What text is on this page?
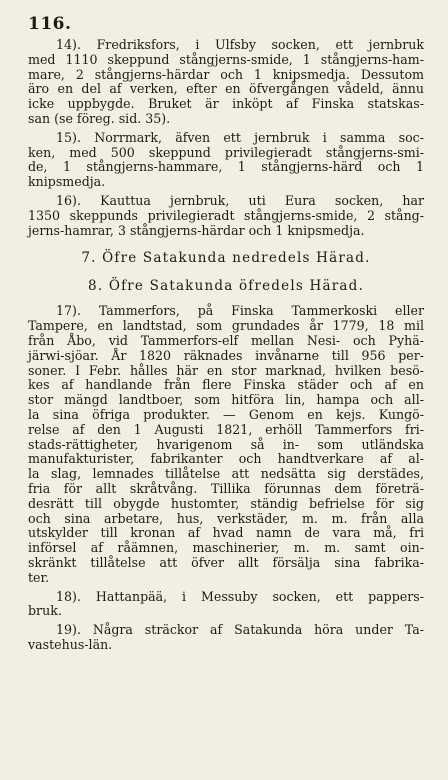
116.
14). Fredriksfors, i Ulfsby socken, ett jernbruk
med 1110 skeppund stångjerns-smide, 1 stångjerns-ham-
mare, 2 stångjerns-härdar och 1 knipsmedja. Dessutom
äro en del af verken, efter en öfvergången vådeld, ännu
icke uppbygde. Bruket är inköpt af Finska statskas-
san (se föreg. sid. 35).
15). Norrmark, äfven ett jernbruk i samma soc-
ken, med 500 skeppund privilegieradt stångjerns-smi-
de, 1 stångjerns-hammare, 1 stångjerns-härd och 1
knipsmedja.
16). Kauttua jernbruk, uti Eura socken, har
1350 skeppunds privilegieradt stångjerns-smide, 2 stång-
jerns-hamrar, 3 stångjerns-härdar och 1 knipsmedja.
7. Öfre Satakunda nedredels Härad.
8. Öfre Satakunda öfredels Härad.
17). Tammerfors, på Finska Tammerkoski eller
Tampere, en landtstad, som grundades år 1779, 18 mil
från Åbo, vid Tammerfors-elf mellan Nesi- och Pyhä-
järwi-sjöar. År 1820 räknades invånarne till 956 per-
soner. I Febr. hålles här en stor marknad, hvilken besö-
kes af handlande från flere Finska städer och af en
stor mängd landtboer, som hitföra lin, hampa och all-
la sina öfriga produkter. — Genom en kejs. Kungö-
relse af den 1 Augusti 1821, erhöll Tammerfors fri-
stads-rättigheter, hvarigenom så in- som utländska
manufakturister, fabrikanter och handtverkare af al-
la slag, lemnades tillåtelse att nedsätta sig derstädes,
fria för allt skråtvång. Tillika förunnas dem företrä-
desrätt till obygde hustomter, ständig befrielse för sig
och sina arbetare, hus, verkstäder, m. m. från alla
utskylder till kronan af hvad namn de vara må, fri
införsel af råämnen, maschinerier, m. m. samt oin-
skränkt tillåtelse att öfver allt försälja sina fabrika-
ter.
18). Hattanpää, i Messuby socken, ett pappers-
bruk.
19). Några sträckor af Satakunda höra under Ta-
vastehus-län.
